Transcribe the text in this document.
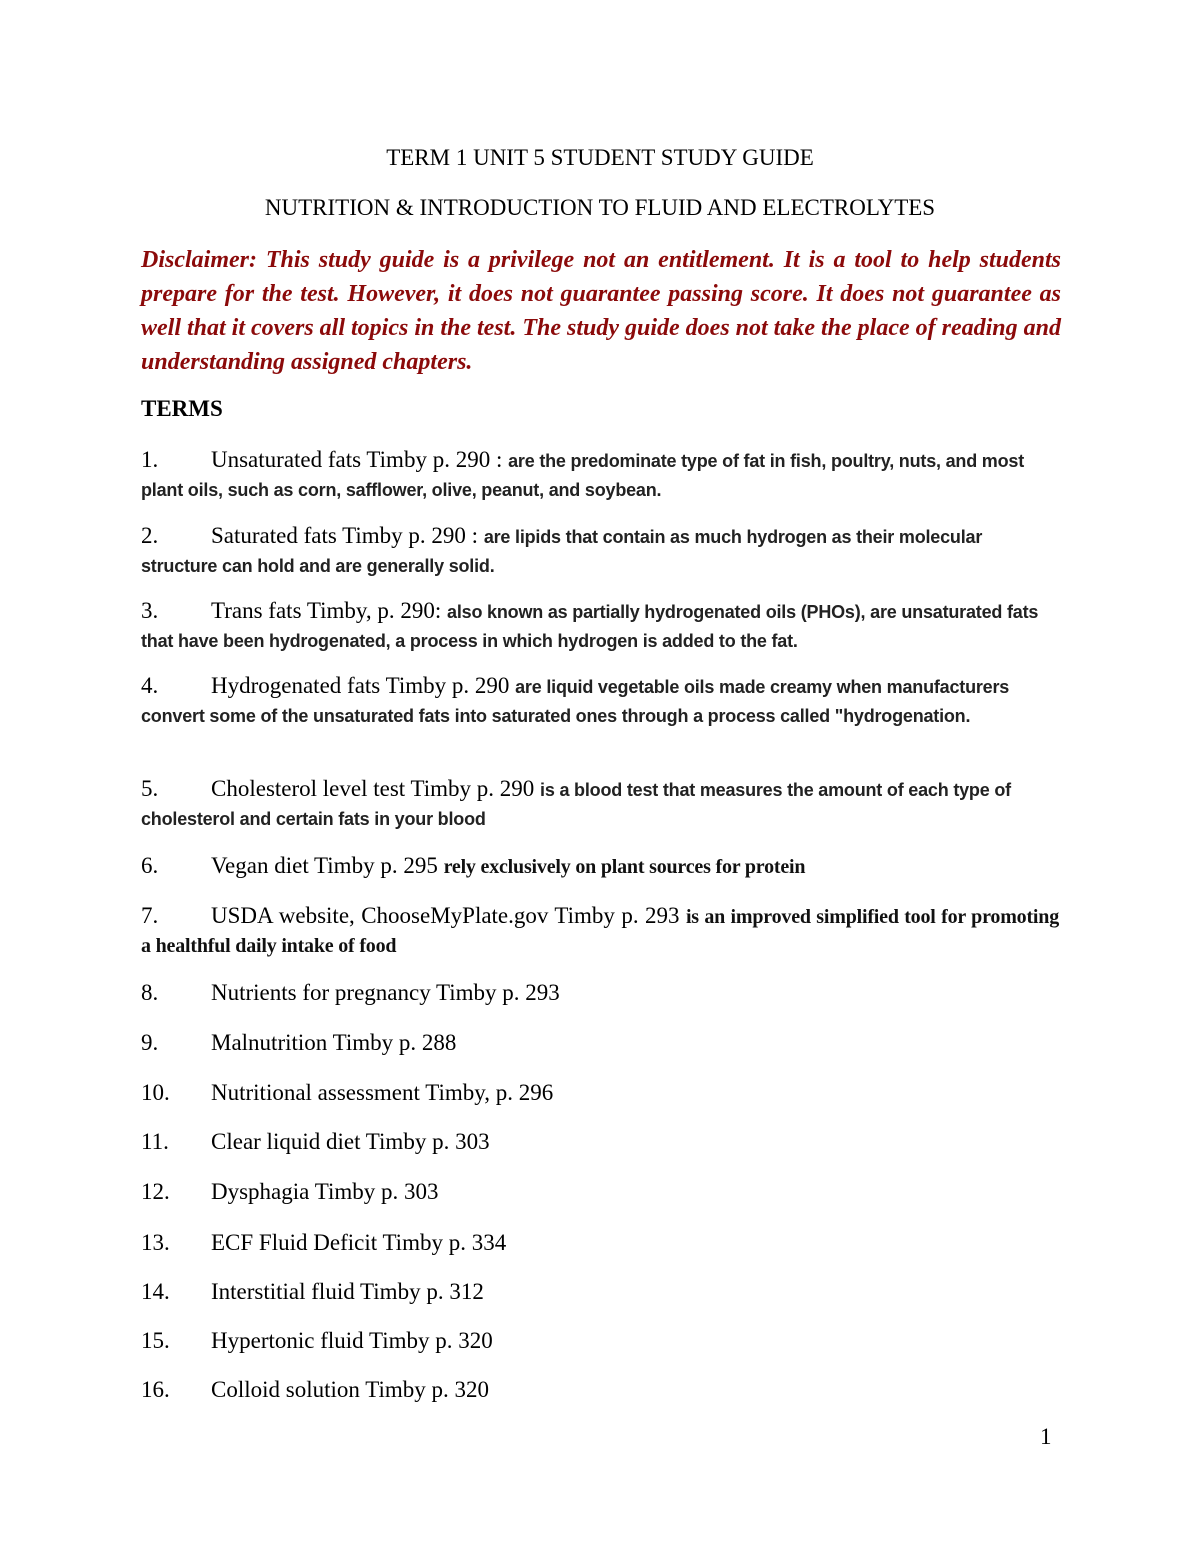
TERM 1 UNIT 5 STUDENT STUDY GUIDE
NUTRITION & INTRODUCTION TO FLUID AND ELECTROLYTES
Disclaimer: This study guide is a privilege not an entitlement. It is a tool to help students prepare for the test. However, it does not guarantee passing score. It does not guarantee as well that it covers all topics in the test. The study guide does not take the place of reading and understanding assigned chapters.
TERMS
1. Unsaturated fats Timby p. 290 : are the predominate type of fat in fish, poultry, nuts, and most plant oils, such as corn, safflower, olive, peanut, and soybean.
2. Saturated fats Timby p. 290 : are lipids that contain as much hydrogen as their molecular structure can hold and are generally solid.
3. Trans fats Timby, p. 290: also known as partially hydrogenated oils (PHOs), are unsaturated fats that have been hydrogenated, a process in which hydrogen is added to the fat.
4. Hydrogenated fats Timby p. 290 are liquid vegetable oils made creamy when manufacturers convert some of the unsaturated fats into saturated ones through a process called "hydrogenation.
5. Cholesterol level test Timby p. 290 is a blood test that measures the amount of each type of cholesterol and certain fats in your blood
6. Vegan diet Timby p. 295 rely exclusively on plant sources for protein
7. USDA website, ChooseMyPlate.gov Timby p. 293 is an improved simplified tool for promoting a healthful daily intake of food
8. Nutrients for pregnancy Timby p. 293
9. Malnutrition Timby p. 288
10. Nutritional assessment Timby, p. 296
11. Clear liquid diet Timby p. 303
12. Dysphagia Timby p. 303
13. ECF Fluid Deficit Timby p. 334
14. Interstitial fluid Timby p. 312
15. Hypertonic fluid Timby p. 320
16. Colloid solution Timby p. 320
1
